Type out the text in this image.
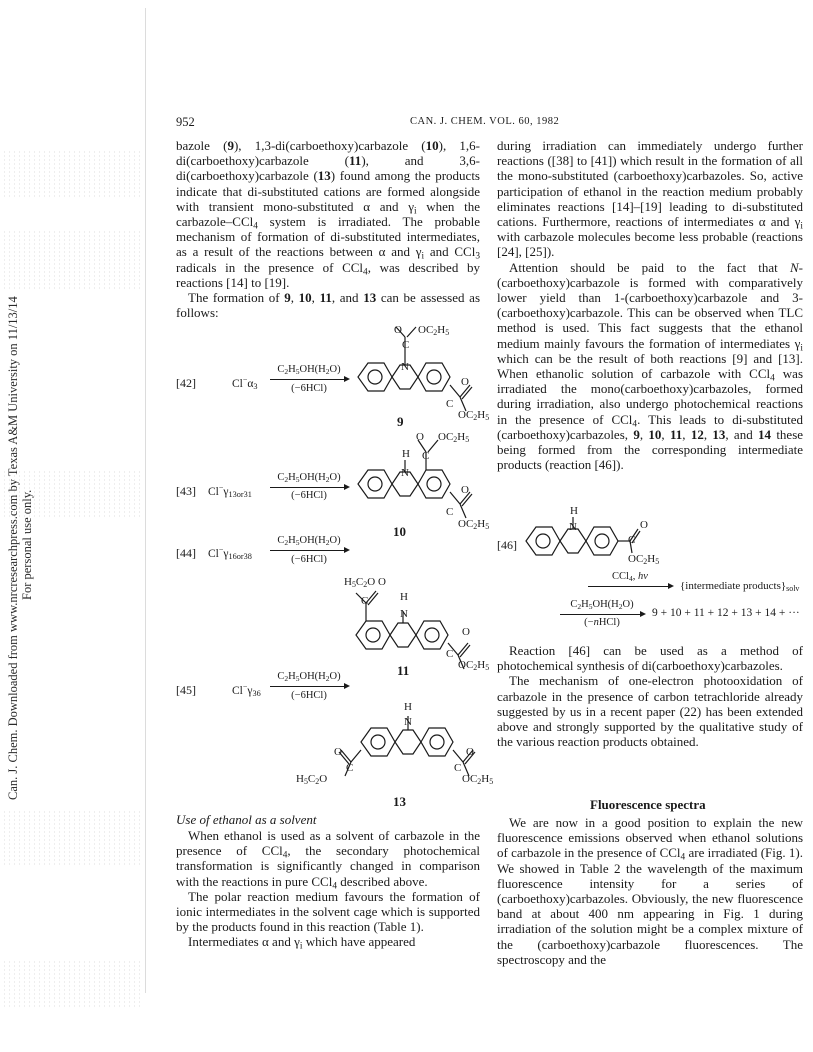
Can. J. Chem. Downloaded from www.nrcresearchpress.com by Texas A&M University on 11/13/14 For personal use only.
952	CAN. J. CHEM. VOL. 60, 1982

bazole (9), 1,3-di(carboethoxy)carbazole (10), 1,6-di(carboethoxy)carbazole (11), and 3,6-di(carboethoxy)carbazole (13) found among the products indicate that di-substituted cations are formed alongside with transient mono-substituted α and $\gamma_i$ when the carbazole–CCl$_4$ system is irradiated. The probable mechanism of formation of di-substituted intermediates, as a result of the reactions between α and $\gamma_i$ and CCl$_3$ radicals in the presence of CCl$_4$, was described by reactions [14] to [19].

The formation of 9, 10, 11, and 13 can be assessed as follows:

[42]	$Cl^-\alpha_3$
$C_2H_5OH(H_2O)$
(−6HCl)
O $OC_2H_5$
C
N
O
C
$OC_2H_5$
9
[43] $Cl^-\gamma_{13or31}$
$C_2H_5OH(H_2O)$
(−6HCl)
O $OC_2H_5$
H C
N
O
C
$OC_2H_5$
10
[44] $Cl^-\gamma_{16or38}$
$C_2H_5OH(H_2O)$
(−6HCl)
$H_5C_2O$ O
C	H
N
O
C
$OC_2H_5$
11
[45]	$Cl^-\gamma_{36}$
$C_2H_5OH(H_2O)$
(−6HCl)
H
N
O
C
$H_5C_2O$
O
C
$OC_2H_5$
13
Use of ethanol as a solvent

When ethanol is used as a solvent of carbazole in the presence of CCl$_4$, the secondary photochemical transformation is significantly changed in comparison with the reactions in pure CCl$_4$ described above.

The polar reaction medium favours the formation of ionic intermediates in the solvent cage which is supported by the products found in this reaction (Table 1).

Intermediates α and $\gamma_i$ which have appeared

during irradiation can immediately undergo further reactions ([38] to [41]) which result in the formation of all the mono-substituted (carboethoxy)carbazoles. So, active participation of ethanol in the reaction medium probably eliminates reactions [14]–[19] leading to di-substituted cations. Furthermore, reactions of intermediates α and $\gamma_i$ with carbazole molecules become less probable (reactions [24], [25]).

Attention should be paid to the fact that N-(carboethoxy)carbazole is formed with comparatively lower yield than 1-(carboethoxy)carbazole and 3-(carboethoxy)carbazole. This can be observed when TLC method is used. This fact suggests that the ethanol medium mainly favours the formation of intermediates $\gamma_i$ which can be the result of both reactions [9] and [13]. When ethanolic solution of carbazole with CCl$_4$ was irradiated the mono(carboethoxy)carbazoles, formed during irradiation, also undergo photochemical reactions in the presence of CCl$_4$. This leads to di-substituted (carboethoxy)carbazoles, 9, 10, 11, 12, 13, and 14 these being formed from the corresponding intermediate products (reaction [46]).

[46]
H
N	O
C
$OC_2H_5$
CCl$_4$, hv
{intermediate $products\}_{solv}$
$C_2H_5OH(H_2O)$
(−nHCl)
9 + 10 + 11 + 12 + 13 + 14 + ···

Reaction [46] can be used as a method of photochemical synthesis of di(carboethoxy)carbazoles.

The mechanism of one-electron photooxidation of carbazole in the presence of carbon tetrachloride already suggested by us in a recent paper (22) has been extended above and strongly supported by the qualitative study of the various reaction products obtained.

Fluorescence spectra

We are now in a good position to explain the new fluorescence emissions observed when ethanol solutions of carbazole in the presence of CCl$_4$ are irradiated (Fig. 1). We showed in Table 2 the wavelength of the maximum fluorescence intensity for a series of (carboethoxy)carbazoles. Obviously, the new fluorescence band at about 400 nm appearing in Fig. 1 during irradiation of the solution might be a complex mixture of the (carboethoxy)carbazole fluorescences. The spectroscopy and the
